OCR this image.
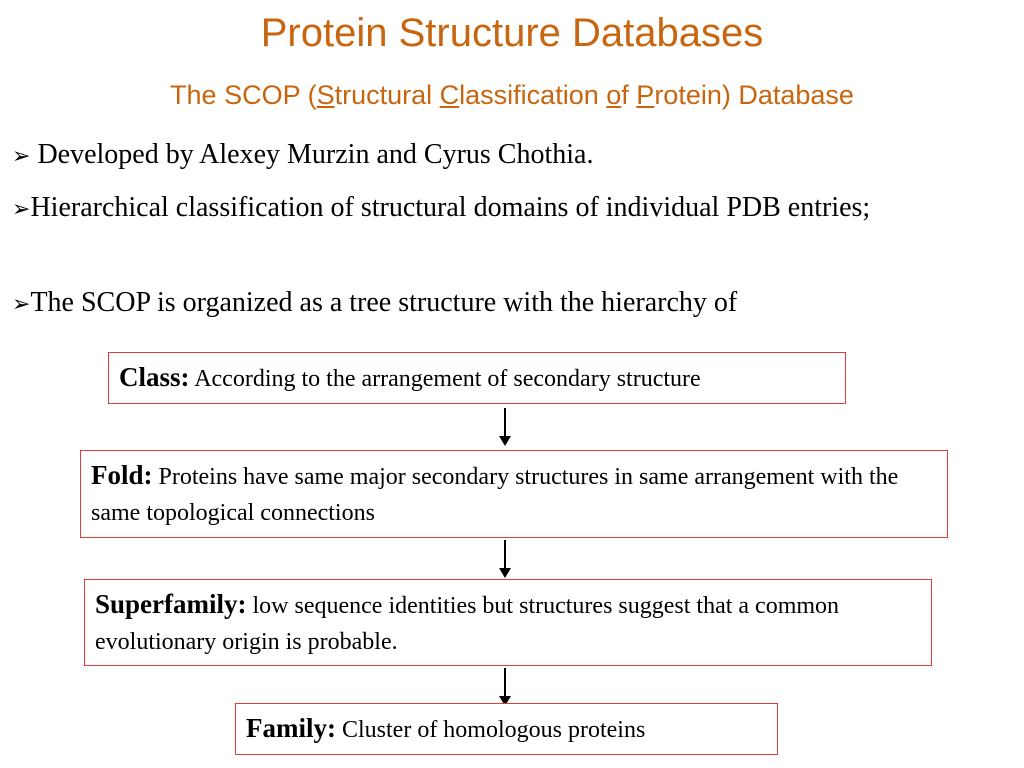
Protein Structure Databases
The SCOP (Structural Classification of Protein) Database
➢ Developed by Alexey Murzin and Cyrus Chothia.
➢Hierarchical classification of structural domains of individual PDB entries;
➢The SCOP is organized as a tree structure with the hierarchy of
Class: According to the arrangement of secondary structure
Fold: Proteins have same major secondary structures in same arrangement with the same topological connections
Superfamily: low sequence identities but structures suggest that a common evolutionary origin is probable.
Family: Cluster of homologous proteins
